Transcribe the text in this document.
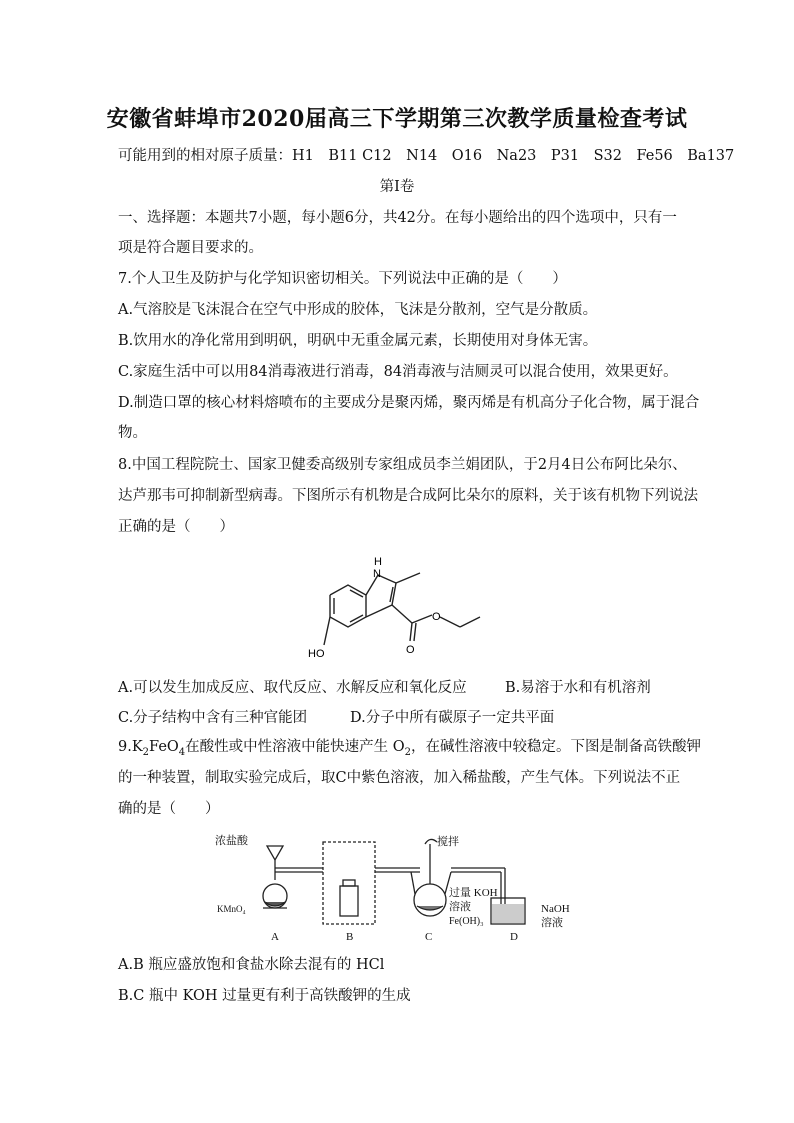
安徽省蚌埠市2020届高三下学期第三次教学质量检查考试
可能用到的相对原子质量：H1　B11 C12　N14　O16　Na23　P31　S32　Fe56　Ba137
第Ⅰ卷
一、选择题：本题共7小题，每小题6分，共42分。在每小题给出的四个选项中，只有一
项是符合题目要求的。
7.个人卫生及防护与化学知识密切相关。下列说法中正确的是（　　）
A.气溶胶是飞沫混合在空气中形成的胶体，飞沫是分散剂，空气是分散质。
B.饮用水的净化常用到明矾，明矾中无重金属元素，长期使用对身体无害。
C.家庭生活中可以用84消毒液进行消毒，84消毒液与洁厕灵可以混合使用，效果更好。
D.制造口罩的核心材料熔喷布的主要成分是聚丙烯，聚丙烯是有机高分子化合物，属于混合
物。
8.中国工程院院士、国家卫健委高级别专家组成员李兰娟团队，于2月4日公布阿比朵尔、
达芦那韦可抑制新型病毒。下图所示有机物是合成阿比朵尔的原料，关于该有机物下列说法
正确的是（　　）
H
N
HO	O
O
A.可以发生加成反应、取代反应、水解反应和氧化反应	B.易溶于水和有机溶剂
C.分子结构中含有三种官能团	D.分子中所有碳原子一定共平面
$9.K_2FeO_4$在酸性或中性溶液中能快速产生 $O_2$，在碱性溶液中较稳定。下图是制备高铁酸钾
的一种装置，制取实验完成后，取C中紫色溶液，加入稀盐酸，产生气体。下列说法不正
确的是（　　）
浓盐酸
KMnO₄
搅拌
过量 KOH
溶液
Fe(OH)₃
NaOH
溶液
A	B	C	D
A.B 瓶应盛放饱和食盐水除去混有的 HCl
B.C 瓶中 KOH 过量更有利于高铁酸钾的生成
